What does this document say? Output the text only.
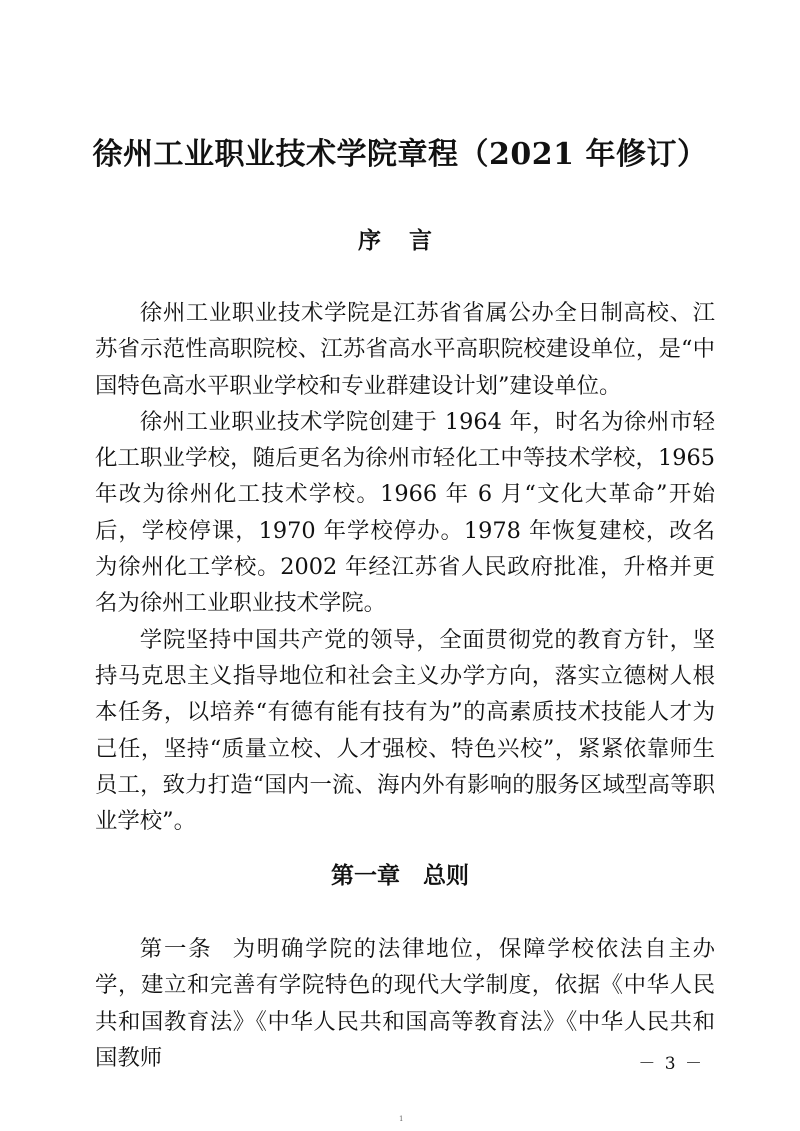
徐州工业职业技术学院章程（2021 年修订）
序 言

徐州工业职业技术学院是江苏省省属公办全日制高校、江苏省示范性高职院校、江苏省高水平高职院校建设单位，是“中国特色高水平职业学校和专业群建设计划”建设单位。

徐州工业职业技术学院创建于 1964 年，时名为徐州市轻化工职业学校，随后更名为徐州市轻化工中等技术学校，1965 年改为徐州化工技术学校。1966 年 6 月“文化大革命”开始后，学校停课，1970 年学校停办。1978 年恢复建校，改名为徐州化工学校。2002 年经江苏省人民政府批准，升格并更名为徐州工业职业技术学院。

学院坚持中国共产党的领导，全面贯彻党的教育方针，坚持马克思主义指导地位和社会主义办学方向，落实立德树人根本任务，以培养“有德有能有技有为”的高素质技术技能人才为己任，坚持“质量立校、人才强校、特色兴校”，紧紧依靠师生员工，致力打造“国内一流、海内外有影响的服务区域型高等职业学校”。

第一章　总则

第一条 为明确学院的法律地位，保障学校依法自主办学，建立和完善有学院特色的现代大学制度，依据《中华人民共和国教育法》《中华人民共和国高等教育法》《中华人民共和国教师	－ 3 －
1
